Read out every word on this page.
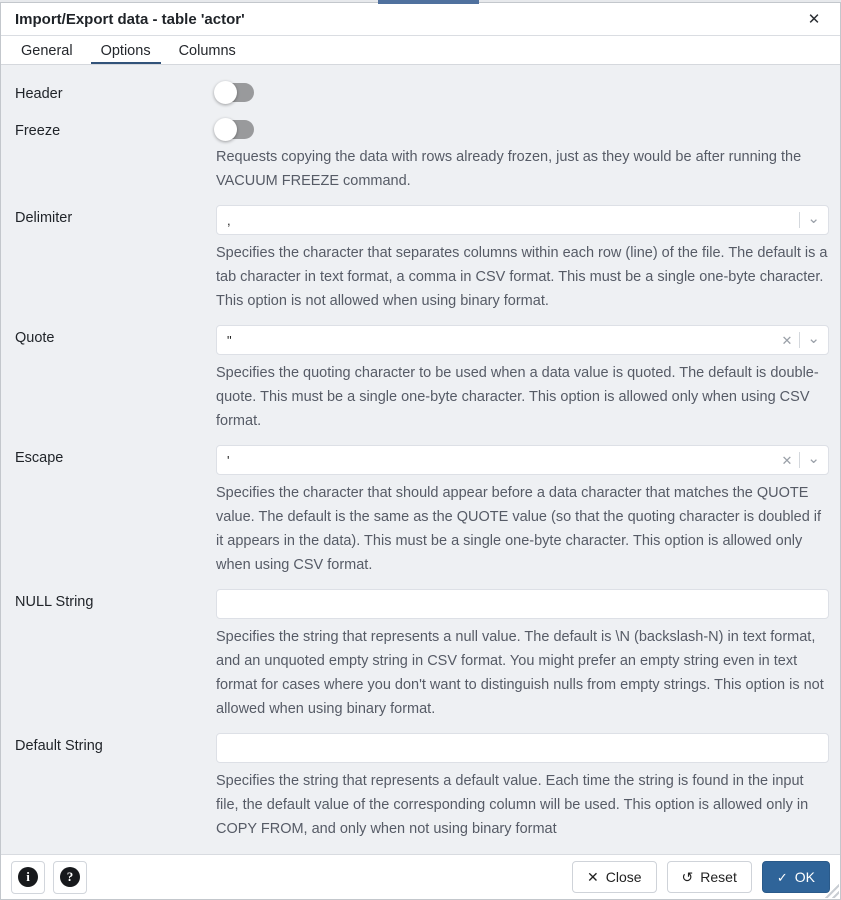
Import/Export data - table 'actor'	✕
General	Options	Columns
Header
Freeze

Requests copying the data with rows already frozen, just as they would be after running the VACUUM FREEZE command.

Delimiter
,	⌄

Specifies the character that separates columns within each row (line) of the file. The default is a tab character in text format, a comma in CSV format. This must be a single one-byte character. This option is not allowed when using binary format.

Quote
"	✕ ⌄

Specifies the quoting character to be used when a data value is quoted. The default is double-quote. This must be a single one-byte character. This option is allowed only when using CSV format.

Escape
'	✕ ⌄

Specifies the character that should appear before a data character that matches the QUOTE value. The default is the same as the QUOTE value (so that the quoting character is doubled if it appears in the data). This must be a single one-byte character. This option is allowed only when using CSV format.

NULL String

Specifies the string that represents a null value. The default is \N (backslash-N) in text format, and an unquoted empty string in CSV format. You might prefer an empty string even in text format for cases where you don't want to distinguish nulls from empty strings. This option is not allowed when using binary format.

Default String

Specifies the string that represents a default value. Each time the string is found in the input file, the default value of the corresponding column will be used. This option is allowed only in COPY FROM, and only when not using binary format

i	?	✕ Close	↺ Reset	✓ OK
